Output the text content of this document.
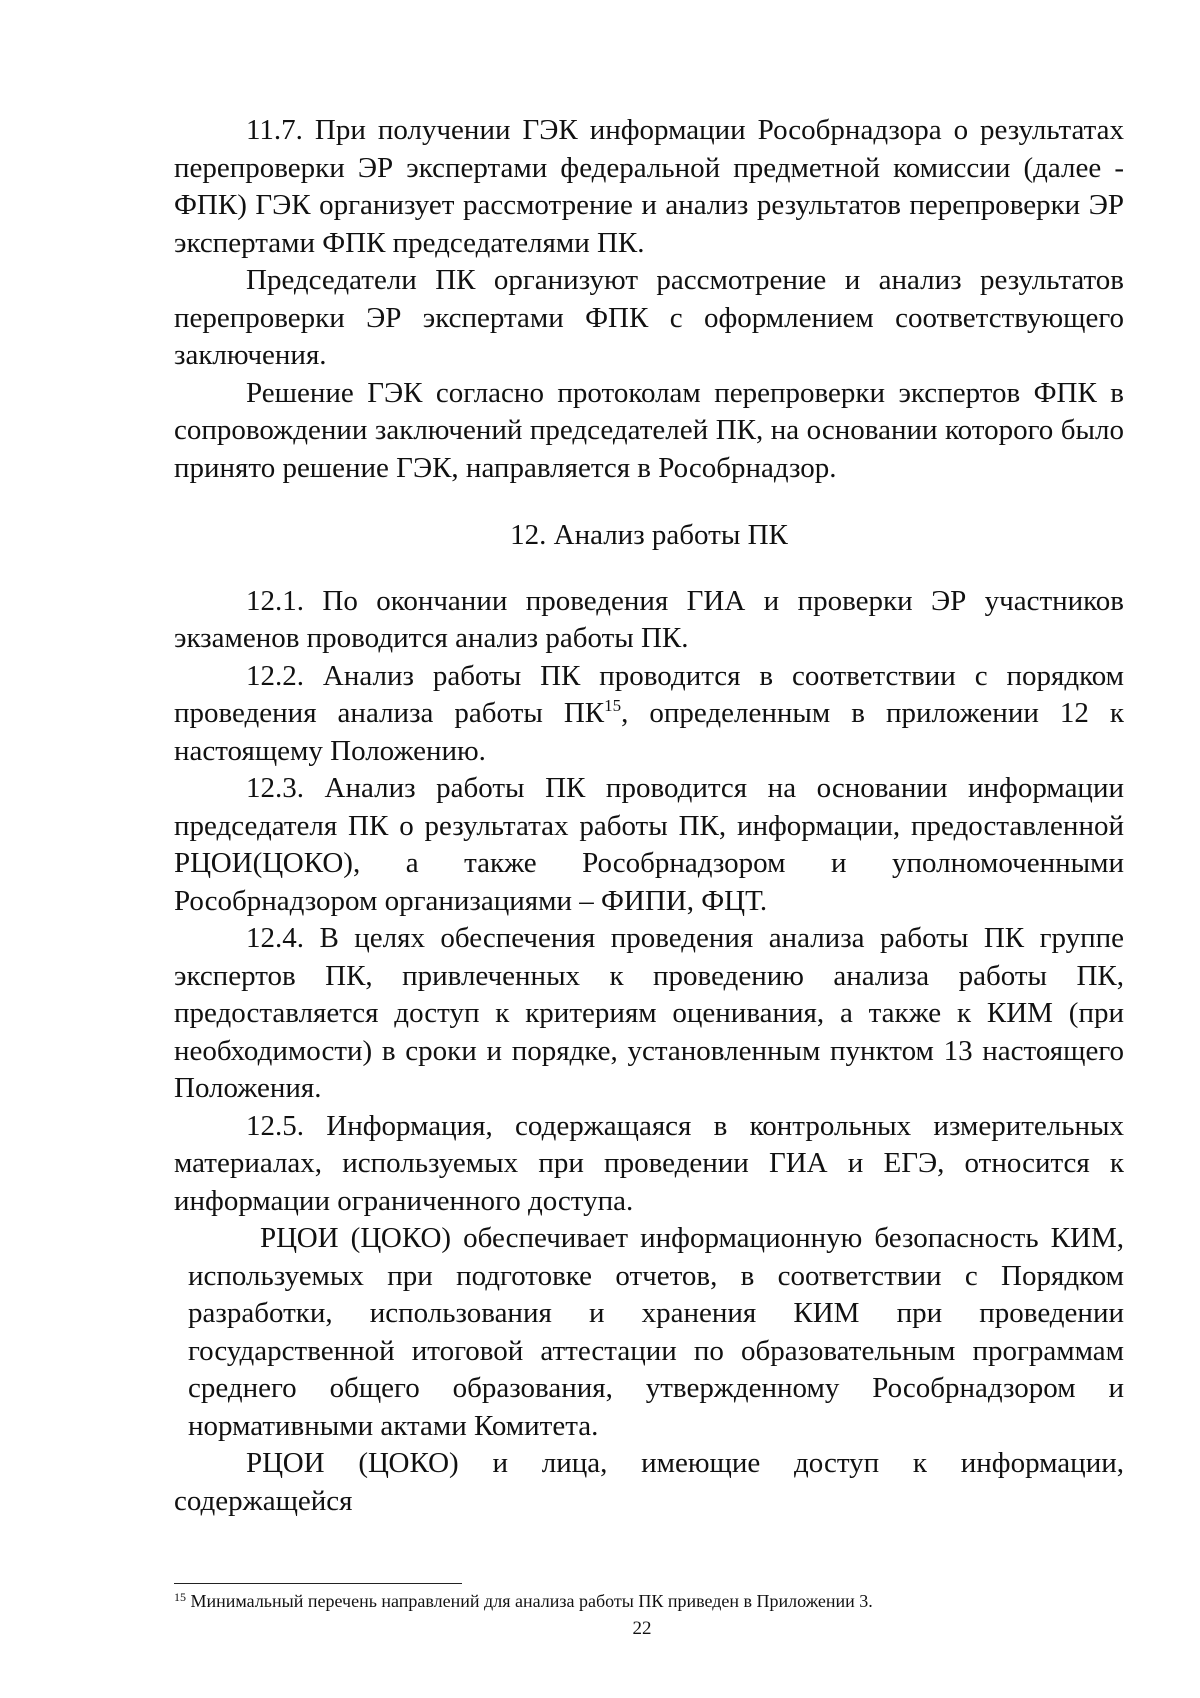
11.7. При получении ГЭК информации Рособрнадзора о результатах перепроверки ЭР экспертами федеральной предметной комиссии (далее - ФПК) ГЭК организует рассмотрение и анализ результатов перепроверки ЭР экспертами ФПК председателями ПК.

Председатели ПК организуют рассмотрение и анализ результатов перепроверки ЭР экспертами ФПК с оформлением соответствующего заключения.

Решение ГЭК согласно протоколам перепроверки экспертов ФПК в сопровождении заключений председателей ПК, на основании которого было принято решение ГЭК, направляется в Рособрнадзор.

12. Анализ работы ПК

12.1. По окончании проведения ГИА и проверки ЭР участников экзаменов проводится анализ работы ПК.

12.2. Анализ работы ПК проводится в соответствии с порядком проведения анализа работы ПК$^{15}$, определенным в приложении 12 к настоящему Положению.

12.3. Анализ работы ПК проводится на основании информации председателя ПК о результатах работы ПК, информации, предоставленной РЦОИ(ЦОКО), а также Рособрнадзором и уполномоченными Рособрнадзором организациями – ФИПИ, ФЦТ.

12.4. В целях обеспечения проведения анализа работы ПК группе экспертов ПК, привлеченных к проведению анализа работы ПК, предоставляется доступ к критериям оценивания, а также к КИМ (при необходимости) в сроки и порядке, установленным пунктом 13 настоящего Положения.

12.5. Информация, содержащаяся в контрольных измерительных материалах, используемых при проведении ГИА и ЕГЭ, относится к информации ограниченного доступа.

РЦОИ (ЦОКО) обеспечивает информационную безопасность КИМ, используемых при подготовке отчетов, в соответствии с Порядком разработки, использования и хранения КИМ при проведении государственной итоговой аттестации по образовательным программам среднего общего образования, утвержденному Рособрнадзором и нормативными актами Комитета.

РЦОИ (ЦОКО) и лица, имеющие доступ к информации, содержащейся

$^{15}$ Минимальный перечень направлений для анализа работы ПК приведен в Приложении 3.
22
